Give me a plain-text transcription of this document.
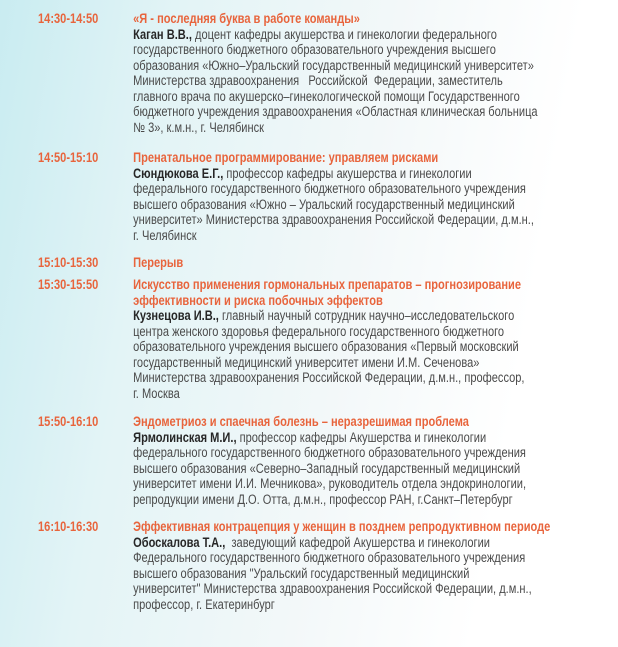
14:30-14:50	«Я - последняя буква в работе команды»
Каган В.В., доцент кафедры акушерства и гинекологии федерального
государственного бюджетного образовательного учреждения высшего
образования «Южно–Уральский государственный медицинский университет»
Министерства здравоохранения   Российской  Федерации, заместитель
главного врача по акушерско–гинекологической помощи Государственного
бюджетного учреждения здравоохранения «Областная клиническая больница
№ 3», к.м.н., г. Челябинск
14:50-15:10	Пренатальное программирование: управляем рисками
Сюндюкова Е.Г., профессор кафедры акушерства и гинекологии
федерального государственного бюджетного образовательного учреждения
высшего образования «Южно – Уральский государственный медицинский
университет» Министерства здравоохранения Российской Федерации, д.м.н.,
г. Челябинск
15:10-15:30	Перерыв
15:30-15:50	Искусство применения гормональных препаратов – прогнозирование
эффективности и риска побочных эффектов
Кузнецова И.В., главный научный сотрудник научно–исследовательского
центра женского здоровья федерального государственного бюджетного
образовательного учреждения высшего образования «Первый московский
государственный медицинский университет имени И.М. Сеченова»
Министерства здравоохранения Российской Федерации, д.м.н., профессор,
г. Москва
15:50-16:10	Эндометриоз и спаечная болезнь – неразрешимая проблема
Ярмолинская М.И., профессор кафедры Акушерства и гинекологии
федерального государственного бюджетного образовательного учреждения
высшего образования «Северно–Западный государственный медицинский
университет имени И.И. Мечникова», руководитель отдела эндокринологии,
репродукции имени Д.О. Отта, д.м.н., профессор РАН, г.Санкт–Петербург
16:10-16:30	Эффективная контрацепция у женщин в позднем репродуктивном периоде
Обоскалова Т.А.,  заведующий кафедрой Акушерства и гинекологии
Федерального государственного бюджетного образовательного учреждения
высшего образования "Уральский государственный медицинский
университет" Министерства здравоохранения Российской Федерации, д.м.н.,
профессор, г. Екатеринбург
